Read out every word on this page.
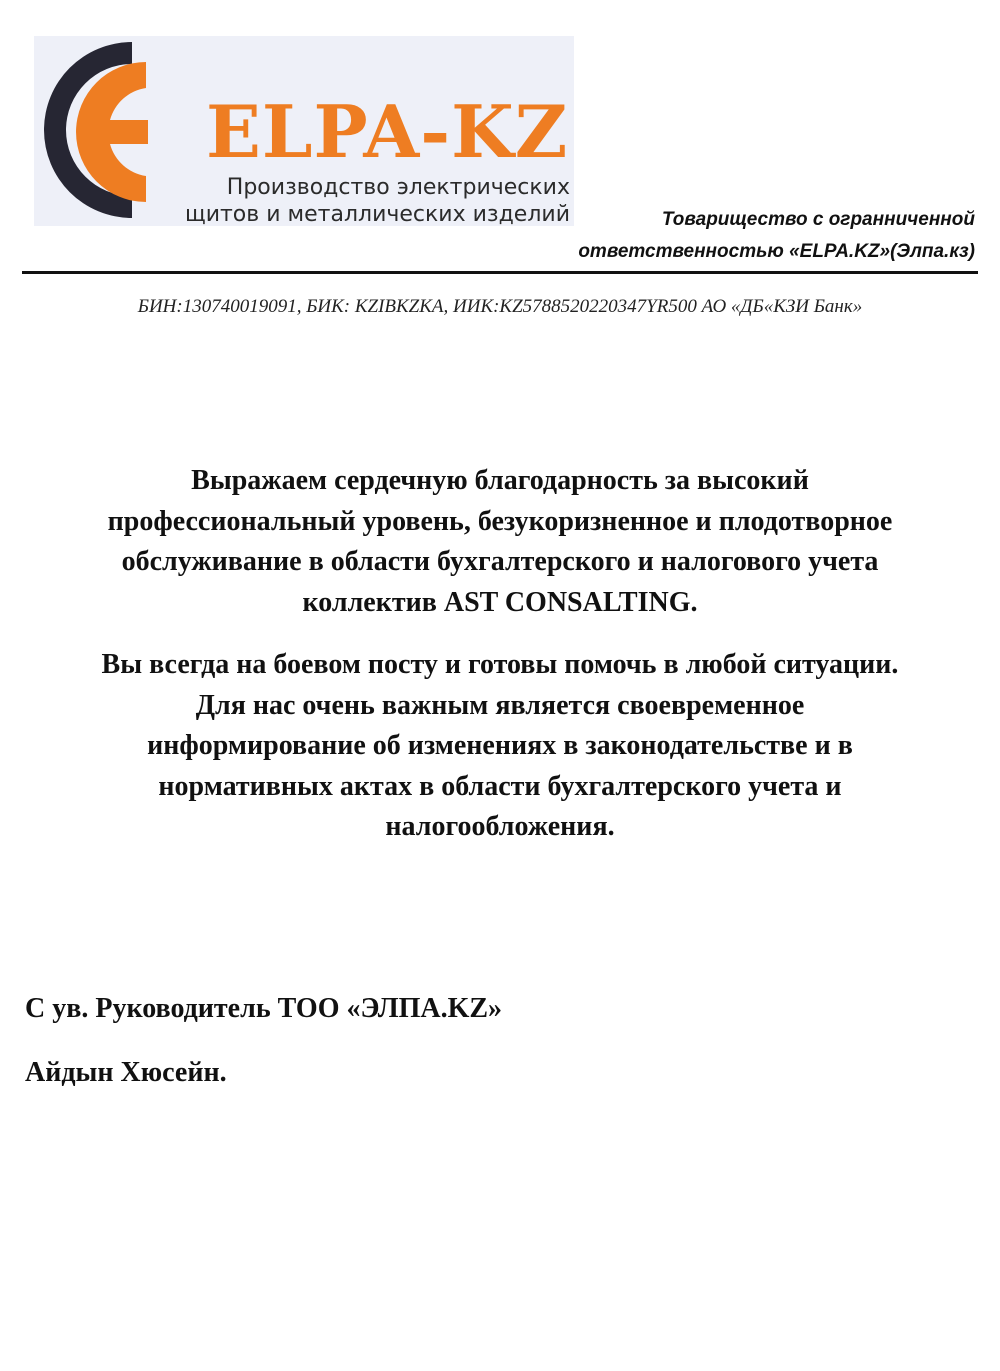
ELPA-KZ
Производство электрических
щитов и металлических изделий	Товарищество с огранниченной
ответственностью «ELPA.KZ»(Элпа.кз)
БИН:130740019091, БИК: KZIBKZKA, ИИК:KZ5788520220347YR500 АО «ДБ«КЗИ Банк»
Выражаем сердечную благодарность за высокий
профессиональный уровень, безукоризненное и плодотворное
обслуживание в области бухгалтерского и налогового учета
коллектив AST CONSALTING.
Вы всегда на боевом посту и готовы помочь в любой ситуации.
Для нас очень важным является своевременное
информирование об изменениях в законодательстве и в
нормативных актах в области бухгалтерского учета и
налогообложения.
С ув. Руководитель ТОО «ЭЛПА.KZ»
Айдын Хюсейн.
